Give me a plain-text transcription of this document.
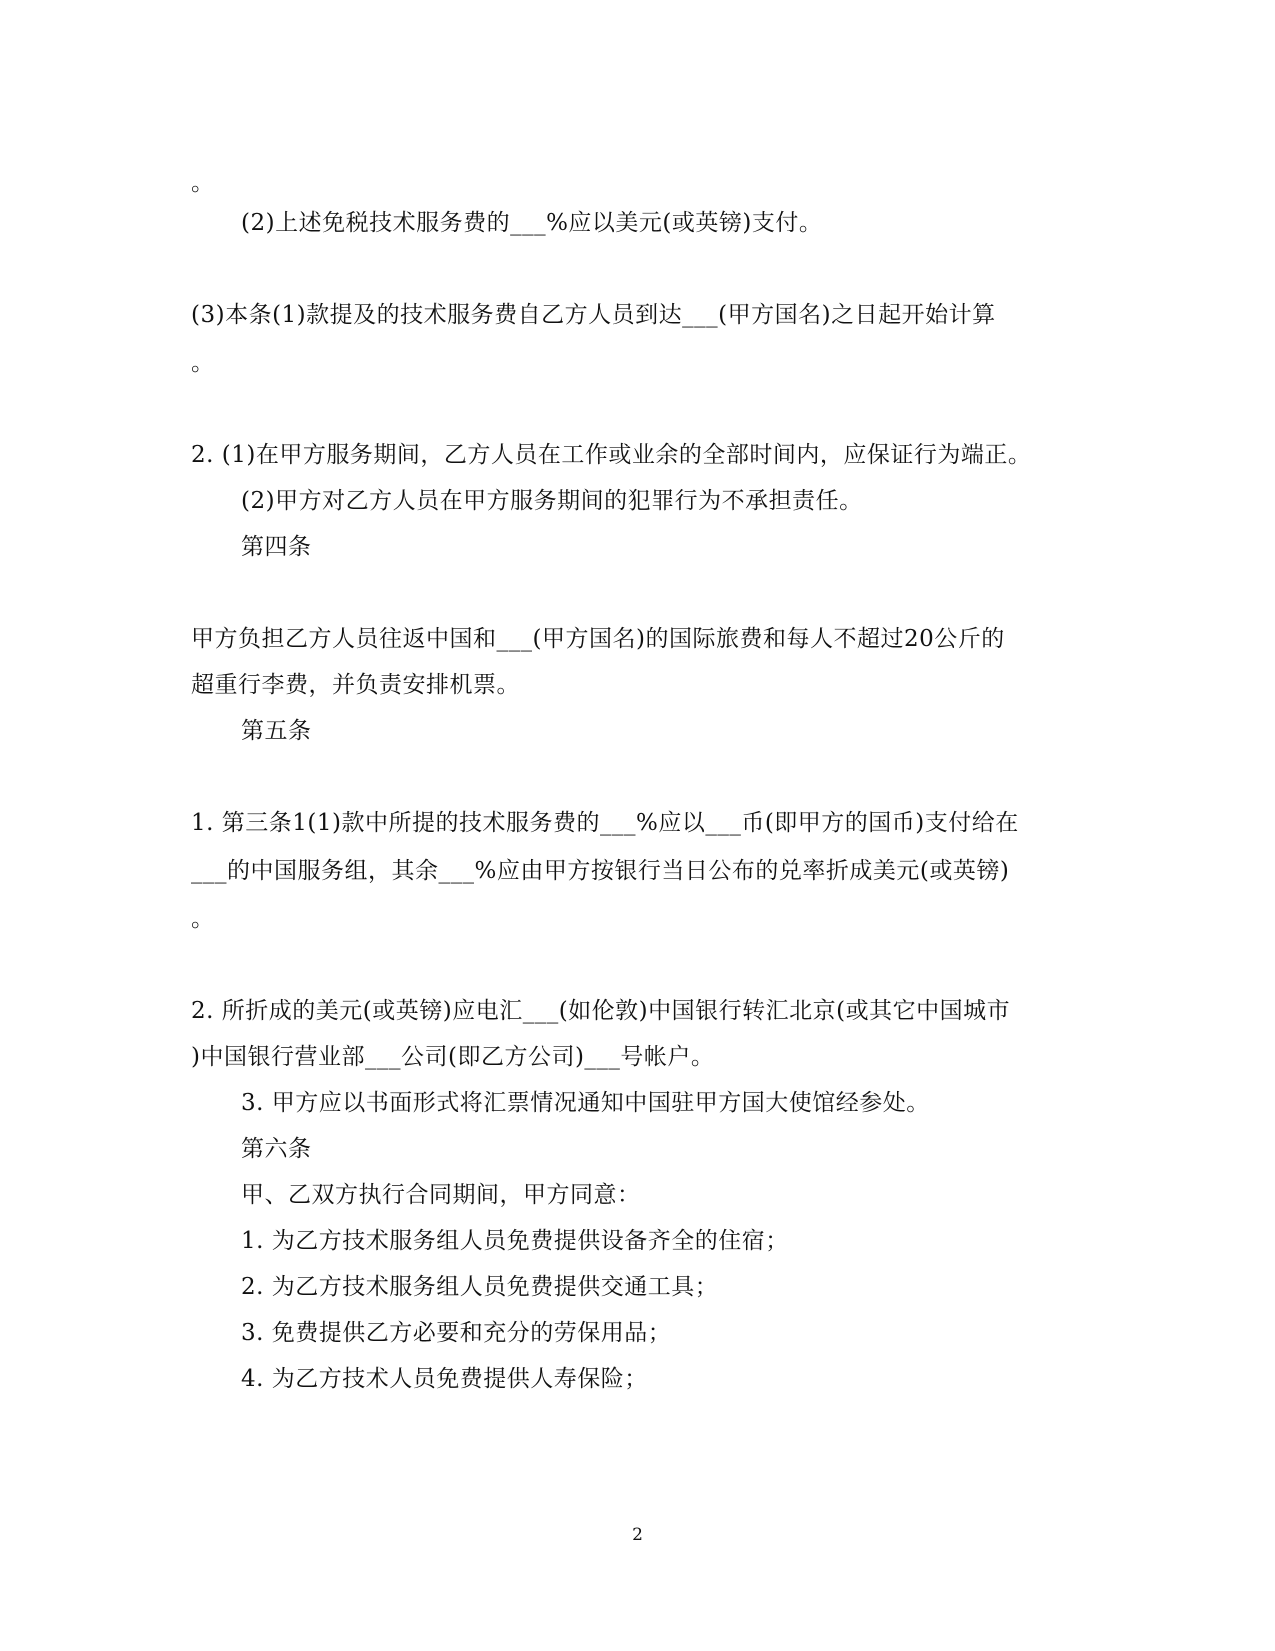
。
(2)上述免税技术服务费的___%应以美元(或英镑)支付。
(3)本条(1)款提及的技术服务费自乙方人员到达___(甲方国名)之日起开始计算
。
2. (1)在甲方服务期间，乙方人员在工作或业余的全部时间内，应保证行为端正。
(2)甲方对乙方人员在甲方服务期间的犯罪行为不承担责任。
第四条
甲方负担乙方人员往返中国和___(甲方国名)的国际旅费和每人不超过20公斤的
超重行李费，并负责安排机票。
第五条
1. 第三条1(1)款中所提的技术服务费的___%应以___币(即甲方的国币)支付给在
___的中国服务组，其余___%应由甲方按银行当日公布的兑率折成美元(或英镑)
。
2. 所折成的美元(或英镑)应电汇___(如伦敦)中国银行转汇北京(或其它中国城市
)中国银行营业部___公司(即乙方公司)___号帐户。
3. 甲方应以书面形式将汇票情况通知中国驻甲方国大使馆经参处。
第六条
甲、乙双方执行合同期间，甲方同意：
1. 为乙方技术服务组人员免费提供设备齐全的住宿；
2. 为乙方技术服务组人员免费提供交通工具；
3. 免费提供乙方必要和充分的劳保用品；
4. 为乙方技术人员免费提供人寿保险；
2
